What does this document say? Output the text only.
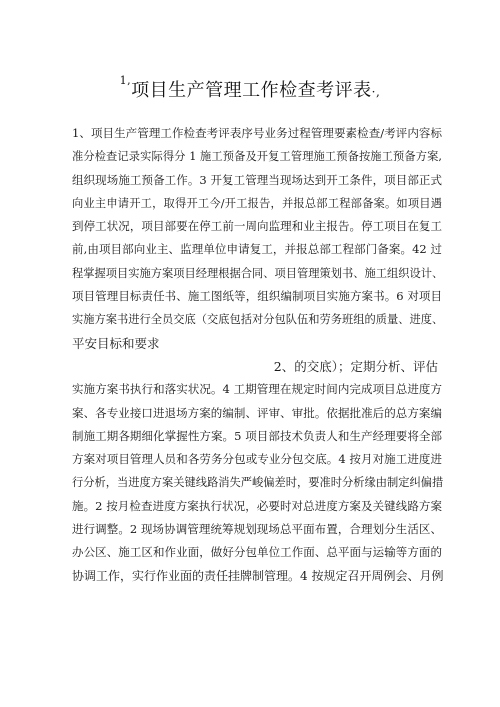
$^{1,}$项目生产管理工作检查考评表·,
1、项目生产管理工作检查考评表序号业务过程管理要素检查/考评内容标
准分检查记录实际得分 1 施工预备及开复工管理施工预备按施工预备方案,
组织现场施工预备工作。3 开复工管理当现场达到开工条件，项目部正式
向业主申请开工，取得开工今/开工报告，并报总部工程部备案。如项目遇
到停工状况，项目部要在停工前一周向监理和业主报告。停工项目在复工
前,由项目部向业主、监理单位申请复工，并报总部工程部门备案。42 过
程掌握项目实施方案项目经理根据合同、项目管理策划书、施工组织设计、
项目管理目标责任书、施工图纸等，组织编制项目实施方案书。6 对项目
实施方案书进行全员交底（交底包括对分包队伍和劳务班组的质量、进度、
平安目标和要求
2、的交底）；定期分析、评估
实施方案书执行和落实状况。4 工期管理在规定时间内完成项目总进度方
案、各专业接口进退场方案的编制、评审、审批。依据批准后的总方案编
制施工期各期细化掌握性方案。5 项目部技术负责人和生产经理要将全部
方案对项目管理人员和各劳务分包或专业分包交底。4 按月对施工进度进
行分析，当进度方案关键线路消失严峻偏差时，要准时分析缘由制定纠偏措
施。2 按月检查进度方案执行状况，必要时对总进度方案及关键线路方案
进行调整。2 现场协调管理统筹规划现场总平面布置，合理划分生活区、
办公区、施工区和作业面，做好分包单位工作面、总平面与运输等方面的
协调工作，实行作业面的责任挂牌制管理。4 按规定召开周例会、月例
